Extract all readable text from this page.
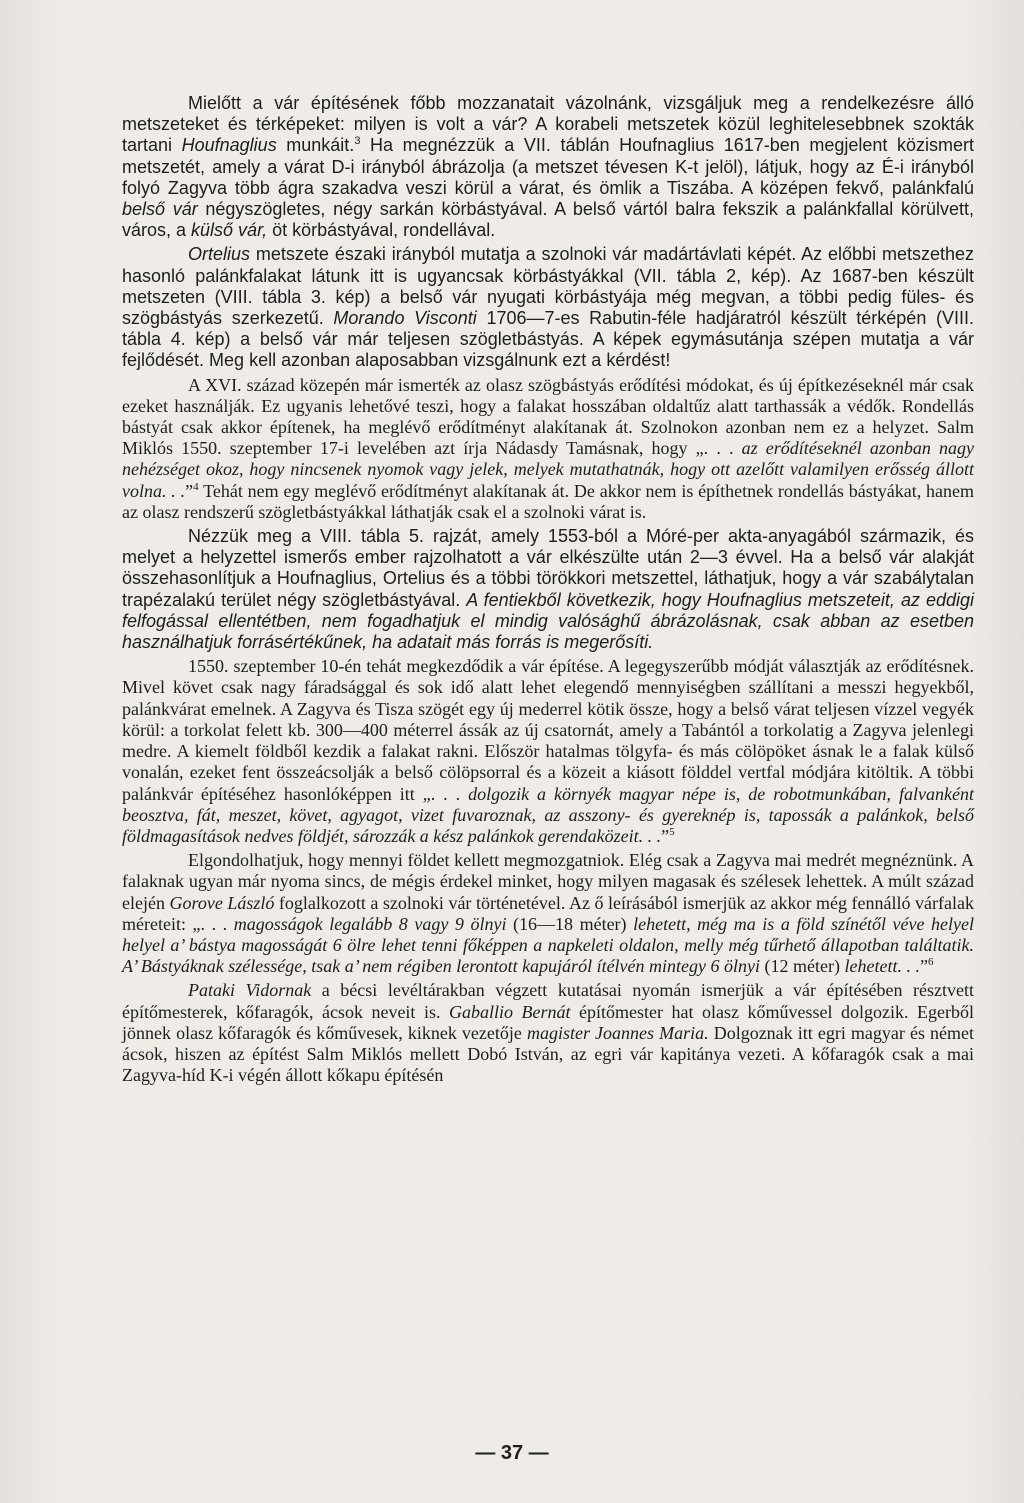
Mielőtt a vár építésének főbb mozzanatait vázolnánk, vizsgáljuk meg a rendelkezésre álló metszeteket és térképeket: milyen is volt a vár? A korabeli metszetek közül leghitelesebbnek szokták tartani Houfnaglius munkáit.$^3$ Ha megnézzük a VII. táblán Houfnaglius 1617-ben megjelent közismert metszetét, amely a várat D-i irányból ábrázolja (a metszet tévesen K-t jelöl), látjuk, hogy az É-i irányból folyó Zagyva több ágra szakadva veszi körül a várat, és ömlik a Tiszába. A középen fekvő, palánkfalú belső vár négyszögletes, négy sarkán körbástyával. A belső vártól balra fekszik a palánkfallal körülvett, város, a külső vár, öt körbástyával, rondellával.

Ortelius metszete északi irányból mutatja a szolnoki vár madártávlati képét. Az előbbi metszethez hasonló palánkfalakat látunk itt is ugyancsak körbástyákkal (VII. tábla 2, kép). Az 1687-ben készült metszeten (VIII. tábla 3. kép) a belső vár nyugati körbástyája még megvan, a többi pedig füles- és szögbástyás szerkezetű. Morando Visconti 1706—7-es Rabutin-féle hadjáratról készült térképén (VIII. tábla 4. kép) a belső vár már teljesen szögletbástyás. A képek egymásutánja szépen mutatja a vár fejlődését. Meg kell azonban alaposabban vizsgálnunk ezt a kérdést!

A XVI. század közepén már ismerték az olasz szögbástyás erődítési módokat, és új építkezéseknél már csak ezeket használják. Ez ugyanis lehetővé teszi, hogy a falakat hosszában oldaltűz alatt tarthassák a védők. Rondellás bástyát csak akkor építenek, ha meglévő erődítményt alakítanak át. Szolnokon azonban nem ez a helyzet. Salm Miklós 1550. szeptember 17-i levelében azt írja Nádasdy Tamásnak, hogy „. . . az erődítéseknél azonban nagy nehézséget okoz, hogy nincsenek nyomok vagy jelek, melyek mutathatnák, hogy ott azelőtt valamilyen erősség állott volna. . .”$^4$ Tehát nem egy meglévő erődítményt alakítanak át. De akkor nem is építhetnek rondellás bástyákat, hanem az olasz rendszerű szögletbástyákkal láthatják csak el a szolnoki várat is.

Nézzük meg a VIII. tábla 5. rajzát, amely 1553-ból a Móré-per akta-anyagából származik, és melyet a helyzettel ismerős ember rajzolhatott a vár elkészülte után 2—3 évvel. Ha a belső vár alakját összehasonlítjuk a Houfnaglius, Ortelius és a többi törökkori metszettel, láthatjuk, hogy a vár szabálytalan trapézalakú terület négy szögletbástyával. A fentiekből következik, hogy Houfnaglius metszeteit, az eddigi felfogással ellentétben, nem fogadhatjuk el mindig valósághű ábrázolásnak, csak abban az esetben használhatjuk forrásértékűnek, ha adatait más forrás is megerősíti.

1550. szeptember 10-én tehát megkezdődik a vár építése. A legegyszerűbb módját választják az erődítésnek. Mivel követ csak nagy fáradsággal és sok idő alatt lehet elegendő mennyiségben szállítani a messzi hegyekből, palánkvárat emelnek. A Zagyva és Tisza szögét egy új mederrel kötik össze, hogy a belső várat teljesen vízzel vegyék körül: a torkolat felett kb. 300—400 méterrel ássák az új csatornát, amely a Tabántól a torkolatig a Zagyva jelenlegi medre. A kiemelt földből kezdik a falakat rakni. Először hatalmas tölgyfa- és más cölöpöket ásnak le a falak külső vonalán, ezeket fent összeácsolják a belső cölöpsorral és a közeit a kiásott földdel vertfal módjára kitöltik. A többi palánkvár építéséhez hasonlóképpen itt „. . . dolgozik a környék magyar népe is, de robotmunkában, falvanként beosztva, fát, meszet, követ, agyagot, vizet fuvaroznak, az asszony- és gyereknép is, tapossák a palánkok, belső földmagasítások nedves földjét, sározzák a kész palánkok gerendaközeit. . .”$^5$

Elgondolhatjuk, hogy mennyi földet kellett megmozgatniok. Elég csak a Zagyva mai medrét megnéznünk. A falaknak ugyan már nyoma sincs, de mégis érdekel minket, hogy milyen magasak és szélesek lehettek. A múlt század elején Gorove László foglalkozott a szolnoki vár történetével. Az ő leírásából ismerjük az akkor még fennálló várfalak méreteit: „. . . magosságok legalább 8 vagy 9 ölnyi (16—18 méter) lehetett, még ma is a föld színétől véve helyel helyel a’ bástya magosságát 6 ölre lehet tenni főképpen a napkeleti oldalon, melly még tűrhető állapotban találtatik. A’ Bástyáknak szélessége, tsak a’ nem régiben lerontott kapujáról ítélvén mintegy 6 ölnyi (12 méter) lehetett. . .”$^6$

Pataki Vidornak a bécsi levéltárakban végzett kutatásai nyomán ismerjük a vár építésében résztvett építőmesterek, kőfaragók, ácsok neveit is. Gaballio Bernát építőmester hat olasz kőművessel dolgozik. Egerből jönnek olasz kőfaragók és kőművesek, kiknek vezetője magister Joannes Maria. Dolgoznak itt egri magyar és német ácsok, hiszen az építést Salm Miklós mellett Dobó István, az egri vár kapitánya vezeti. A kőfaragók csak a mai Zagyva-híd K-i végén állott kőkapu építésén

— 37 —
